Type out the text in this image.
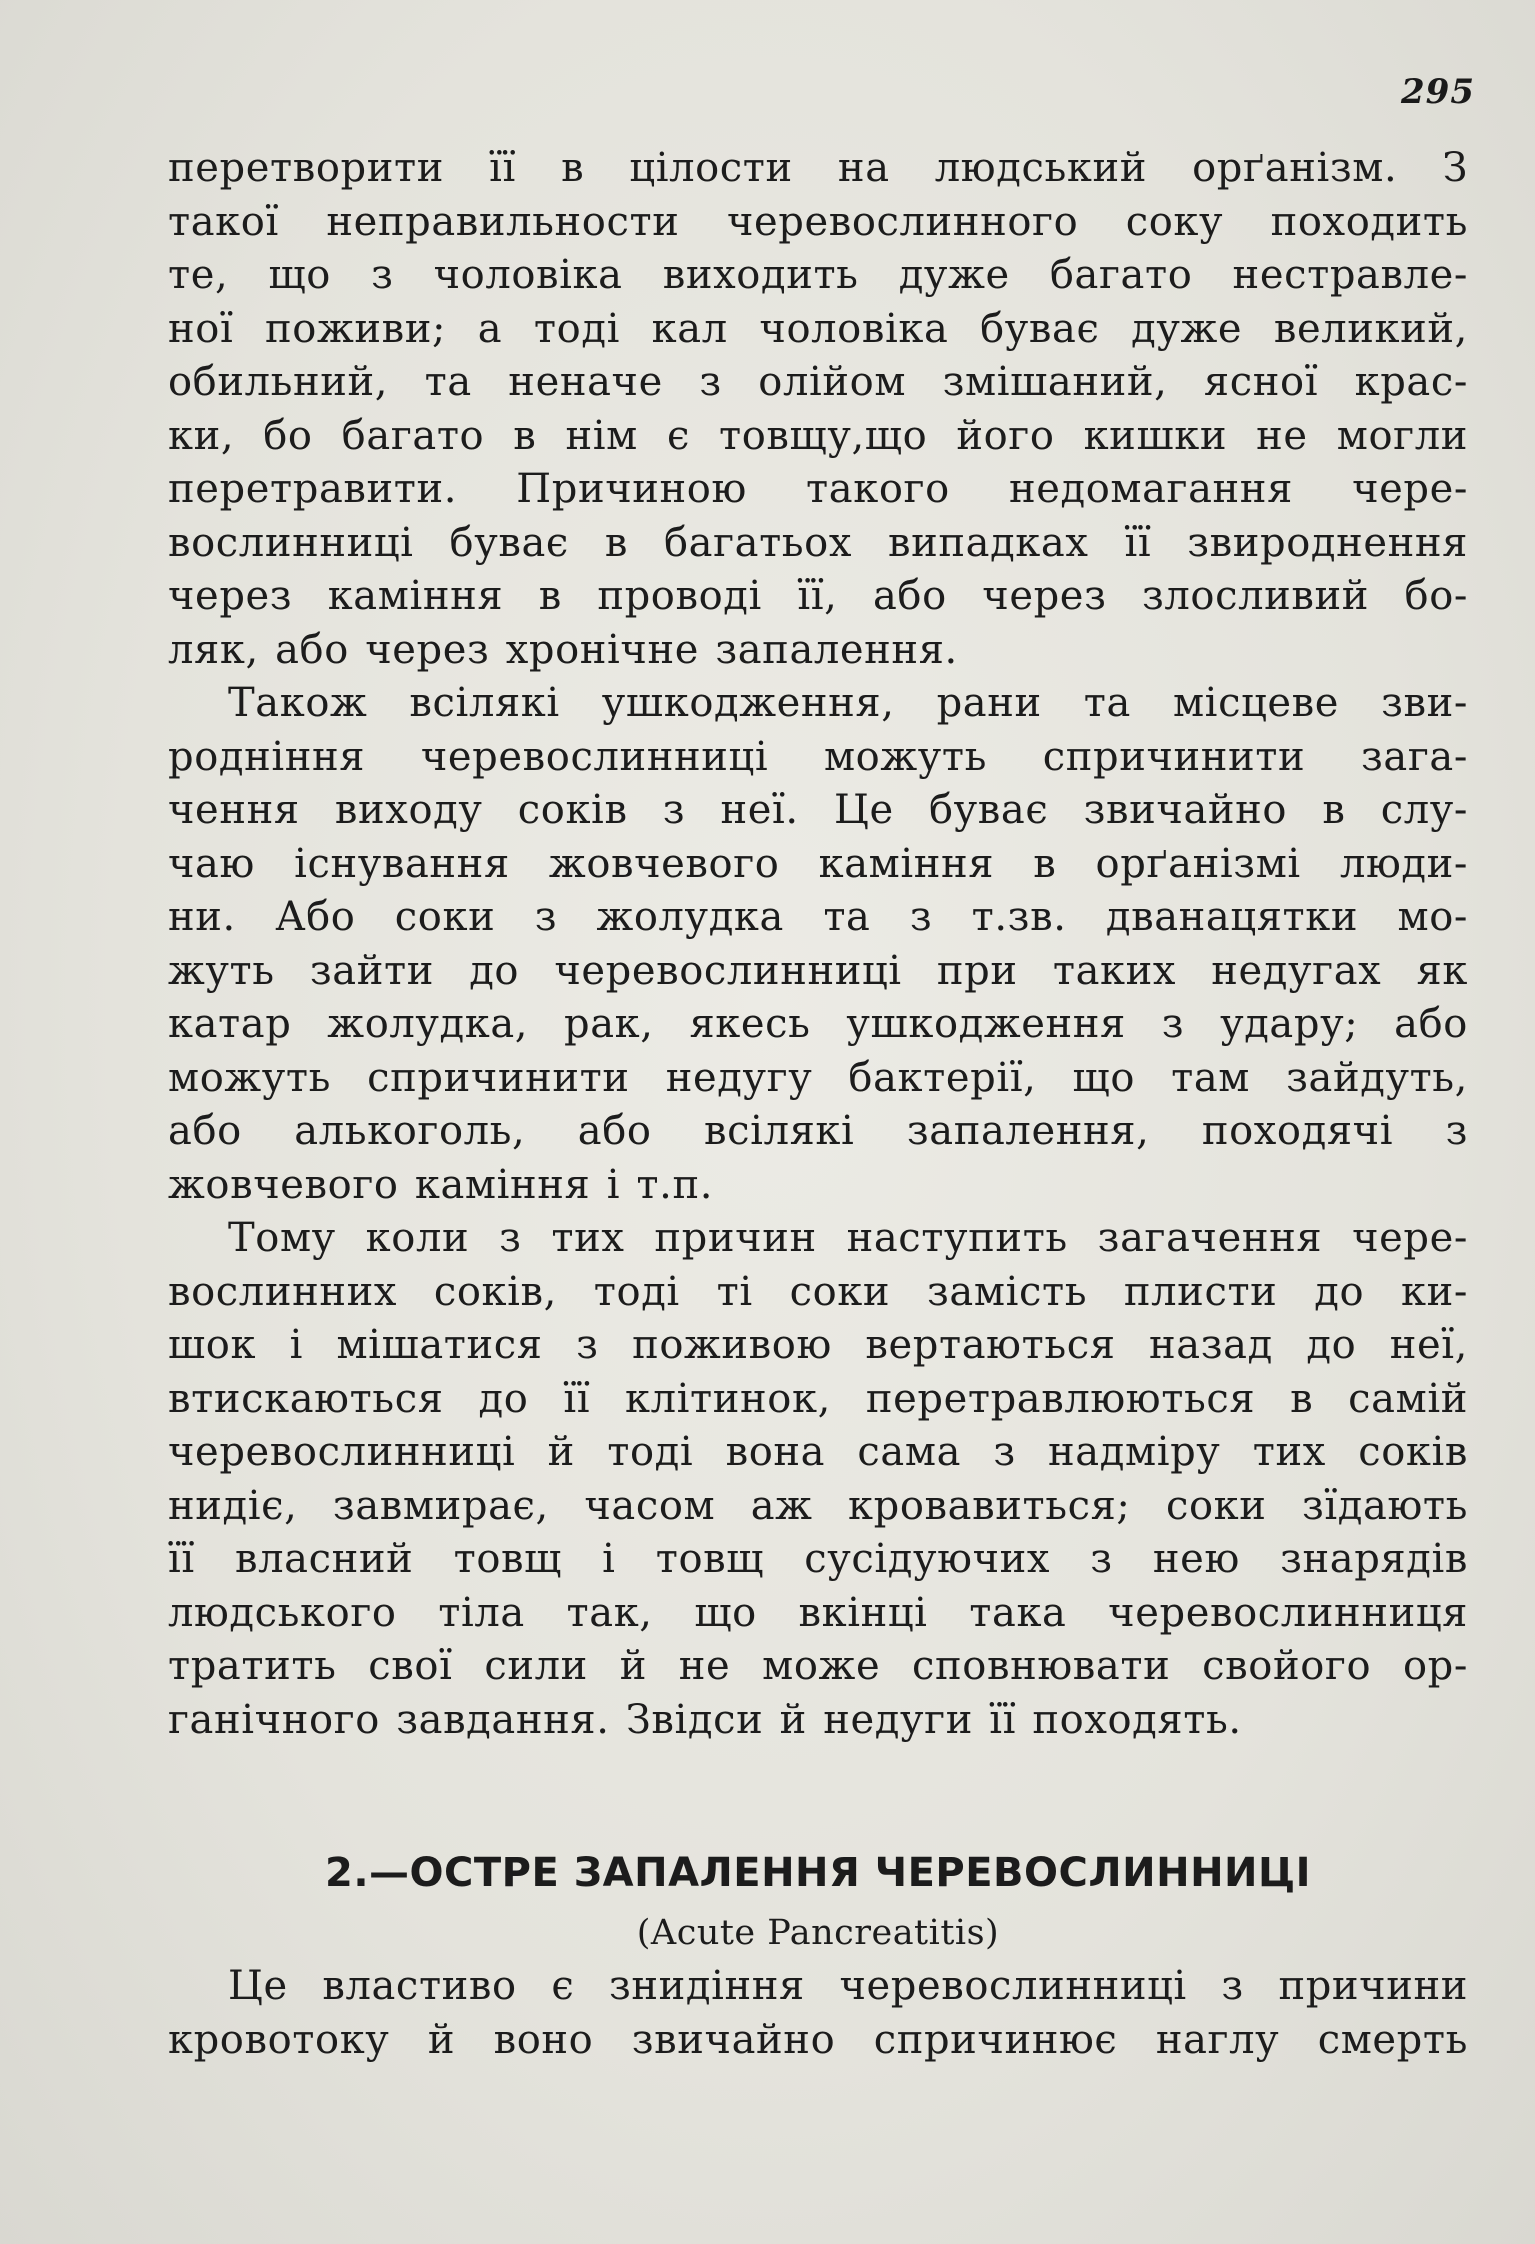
295
перетворити її в цілости на людський орґанізм. З
такої неправильности черевослинного соку походить
те, що з чоловіка виходить дуже багато нестравле-
ної поживи; а тоді кал чоловіка буває дуже великий,
обильний, та неначе з олійом змішаний, ясної крас-
ки, бо багато в нім є товщу,що його кишки не могли
перетравити. Причиною такого недомагання чере-
вослинниці буває в багатьох випадках її звироднення
через каміння в проводі її, або через злосливий бо-
ляк, або через хронічне запалення.
Також всілякі ушкодження, рани та місцеве зви-
родніння черевослинниці можуть спричинити зага-
чення виходу соків з неї. Це буває звичайно в слу-
чаю існування жовчевого каміння в орґанізмі люди-
ни. Або соки з жолудка та з т.зв. дванацятки мо-
жуть зайти до черевослинниці при таких недугах як
катар жолудка, рак, якесь ушкодження з удару; або
можуть спричинити недугу бактерії, що там зайдуть,
або алькоголь, або всілякі запалення, походячі з
жовчевого каміння і т.п.
Тому коли з тих причин наступить загачення чере-
вослинних соків, тоді ті соки замість плисти до ки-
шок і мішатися з поживою вертаються назад до неї,
втискаються до її клітинок, перетравлюються в самій
черевослинниці й тоді вона сама з надміру тих соків
нидіє, завмирає, часом аж кровавиться; соки зїдають
її власний товщ і товщ сусідуючих з нею знарядів
людського тіла так, що вкінці така черевослинниця
тратить свої сили й не може сповнювати свойого ор-
ганічного завдання. Звідси й недуги її походять.
2.—ОСТРЕ ЗАПАЛЕННЯ ЧЕРЕВОСЛИННИЦІ
(Acute Pancreatitis)
Це властиво є знидіння черевослинниці з причини
кровотоку й воно звичайно спричинює наглу смерть
